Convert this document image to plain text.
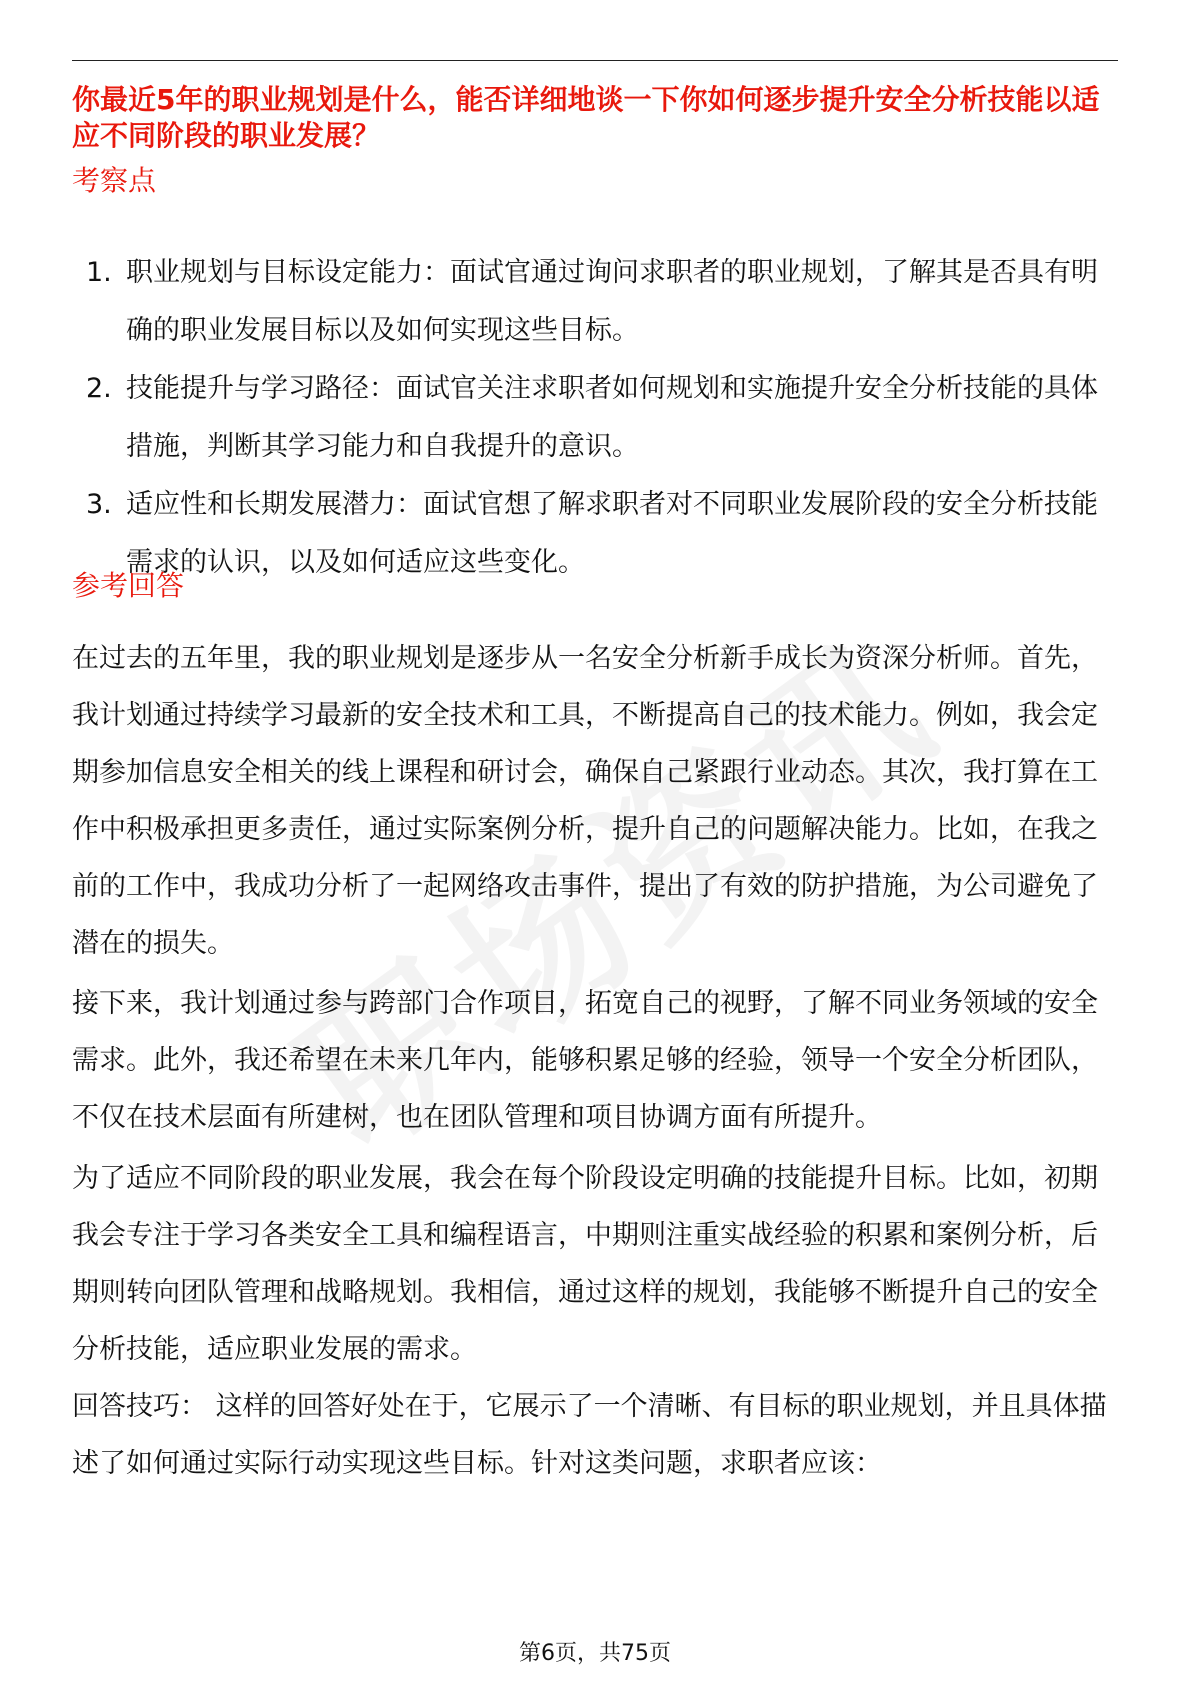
你最近5年的职业规划是什么，能否详细地谈一下你如何逐步提升安全分析技能以适应不同阶段的职业发展？
考察点
1. 职业规划与目标设定能力：面试官通过询问求职者的职业规划，了解其是否具有明确的职业发展目标以及如何实现这些目标。
2. 技能提升与学习路径：面试官关注求职者如何规划和实施提升安全分析技能的具体措施，判断其学习能力和自我提升的意识。
3. 适应性和长期发展潜力：面试官想了解求职者对不同职业发展阶段的安全分析技能需求的认识，以及如何适应这些变化。
参考回答

在过去的五年里，我的职业规划是逐步从一名安全分析新手成长为资深分析师。首先，我计划通过持续学习最新的安全技术和工具，不断提高自己的技术能力。例如，我会定期参加信息安全相关的线上课程和研讨会，确保自己紧跟行业动态。其次，我打算在工作中积极承担更多责任，通过实际案例分析，提升自己的问题解决能力。比如，在我之前的工作中，我成功分析了一起网络攻击事件，提出了有效的防护措施，为公司避免了潜在的损失。

接下来，我计划通过参与跨部门合作项目，拓宽自己的视野，了解不同业务领域的安全需求。此外，我还希望在未来几年内，能够积累足够的经验，领导一个安全分析团队，不仅在技术层面有所建树，也在团队管理和项目协调方面有所提升。

为了适应不同阶段的职业发展，我会在每个阶段设定明确的技能提升目标。比如，初期我会专注于学习各类安全工具和编程语言，中期则注重实战经验的积累和案例分析，后期则转向团队管理和战略规划。我相信，通过这样的规划，我能够不断提升自己的安全分析技能，适应职业发展的需求。

回答技巧： 这样的回答好处在于，它展示了一个清晰、有目标的职业规划，并且具体描述了如何通过实际行动实现这些目标。针对这类问题，求职者应该：

第6页，共75页
